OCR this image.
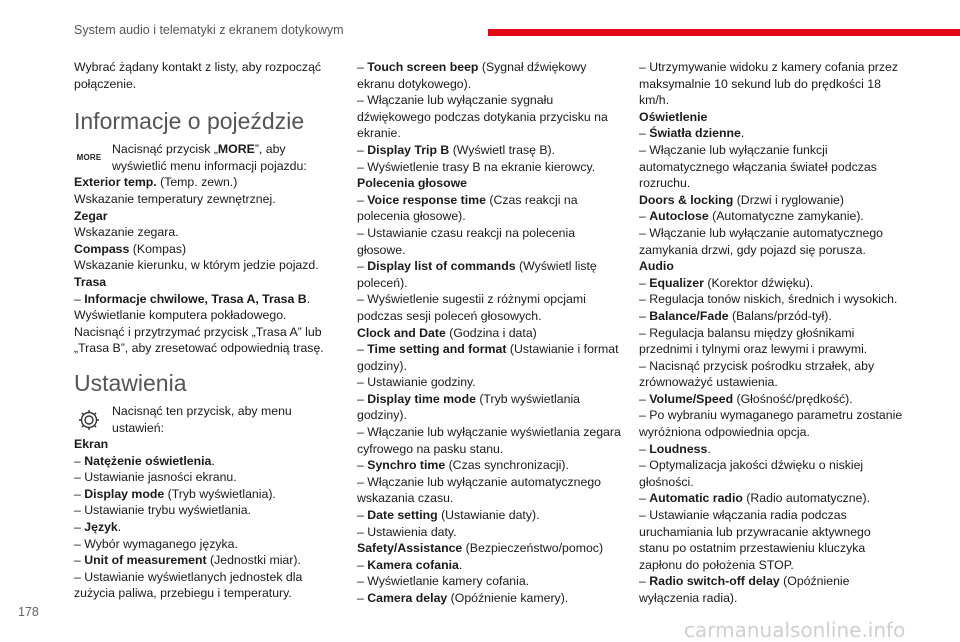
System audio i telematyki z ekranem dotykowym
Wybrać żądany kontakt z listy, aby rozpocząć
połączenie.
Informacje o pojeździe
MORE
Nacisnąć przycisk „MORE”, aby
wyświetlić menu informacji pojazdu:
Exterior temp. (Temp. zewn.)
Wskazanie temperatury zewnętrznej.
Zegar
Wskazanie zegara.
Compass (Kompas)
Wskazanie kierunku, w którym jedzie pojazd.
Trasa
– Informacje chwilowe, Trasa A, Trasa B.
Wyświetlanie komputera pokładowego.
Nacisnąć i przytrzymać przycisk „Trasa A” lub
„Trasa B”, aby zresetować odpowiednią trasę.
Ustawienia
Nacisnąć ten przycisk, aby menu
ustawień:
Ekran
– Natężenie oświetlenia.
– Ustawianie jasności ekranu.
– Display mode (Tryb wyświetlania).
– Ustawianie trybu wyświetlania.
– Język.
– Wybór wymaganego języka.
– Unit of measurement (Jednostki miar).
– Ustawianie wyświetlanych jednostek dla
zużycia paliwa, przebiegu i temperatury.
– Touch screen beep (Sygnał dźwiękowy
ekranu dotykowego).
– Włączanie lub wyłączanie sygnału
dźwiękowego podczas dotykania przycisku na
ekranie.
– Display Trip B (Wyświetl trasę B).
– Wyświetlenie trasy B na ekranie kierowcy.
Polecenia głosowe
– Voice response time (Czas reakcji na
polecenia głosowe).
– Ustawianie czasu reakcji na polecenia
głosowe.
– Display list of commands (Wyświetl listę
poleceń).
– Wyświetlenie sugestii z różnymi opcjami
podczas sesji poleceń głosowych.
Clock and Date (Godzina i data)
– Time setting and format (Ustawianie i format
godziny).
– Ustawianie godziny.
– Display time mode (Tryb wyświetlania
godziny).
– Włączanie lub wyłączanie wyświetlania zegara
cyfrowego na pasku stanu.
– Synchro time (Czas synchronizacji).
– Włączanie lub wyłączanie automatycznego
wskazania czasu.
– Date setting (Ustawianie daty).
– Ustawienia daty.
Safety/Assistance (Bezpieczeństwo/pomoc)
– Kamera cofania.
– Wyświetlanie kamery cofania.
– Camera delay (Opóźnienie kamery).
– Utrzymywanie widoku z kamery cofania przez
maksymalnie 10 sekund lub do prędkości 18
km/h.
Oświetlenie
– Światła dzienne.
– Włączanie lub wyłączanie funkcji
automatycznego włączania świateł podczas
rozruchu.
Doors & locking (Drzwi i ryglowanie)
– Autoclose (Automatyczne zamykanie).
– Włączanie lub wyłączanie automatycznego
zamykania drzwi, gdy pojazd się porusza.
Audio
– Equalizer (Korektor dźwięku).
– Regulacja tonów niskich, średnich i wysokich.
– Balance/Fade (Balans/przód-tył).
– Regulacja balansu między głośnikami
przednimi i tylnymi oraz lewymi i prawymi.
– Nacisnąć przycisk pośrodku strzałek, aby
zrównoważyć ustawienia.
– Volume/Speed (Głośność/prędkość).
– Po wybraniu wymaganego parametru zostanie
wyróżniona odpowiednia opcja.
– Loudness.
– Optymalizacja jakości dźwięku o niskiej
głośności.
– Automatic radio (Radio automatyczne).
– Ustawianie włączania radia podczas
uruchamiania lub przywracanie aktywnego
stanu po ostatnim przestawieniu kluczyka
zapłonu do położenia STOP.
– Radio switch-off delay (Opóźnienie
wyłączenia radia).
178
carmanualsonline.info
